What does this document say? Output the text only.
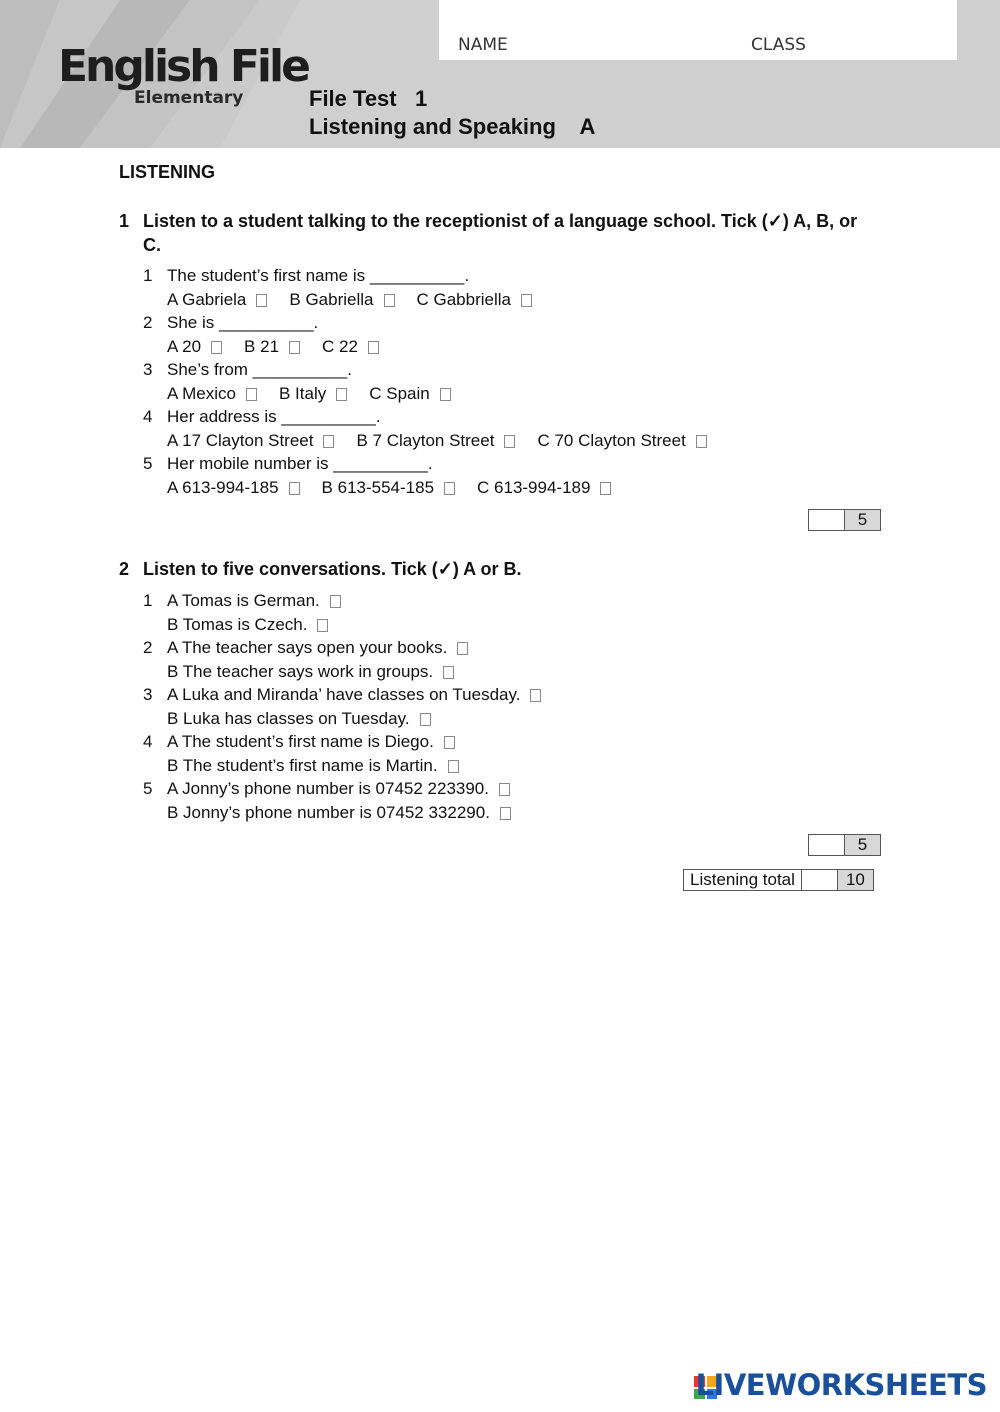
English File
Elementary
NAME	CLASS
File Test   1
Listening and Speaking    A
LISTENING
1 Listen to a student talking to the receptionist of a language school. Tick (✓) A, B, or C.
1 The student’s first name is __________.
A Gabriela	B Gabriella	C Gabbriella
2 She is __________.
A 20	B 21	C 22
3 She’s from __________.
A Mexico	B Italy	C Spain
4 Her address is __________.
A 17 Clayton Street	B 7 Clayton Street	C 70 Clayton Street
5 Her mobile number is __________.
A 613-994-185	B 613-554-185	C 613-994-189
5
2 Listen to five conversations. Tick (✓) A or B.
1 A Tomas is German.
B Tomas is Czech.
2 A The teacher says open your books.
B The teacher says work in groups.
3 A Luka and Miranda’ have classes on Tuesday.
B Luka has classes on Tuesday.
4 A The student’s first name is Diego.
B The student’s first name is Martin.
5 A Jonny’s phone number is 07452 223390.
B Jonny’s phone number is 07452 332290.
5
Listening total	10
LIVEWORKSHEETS
